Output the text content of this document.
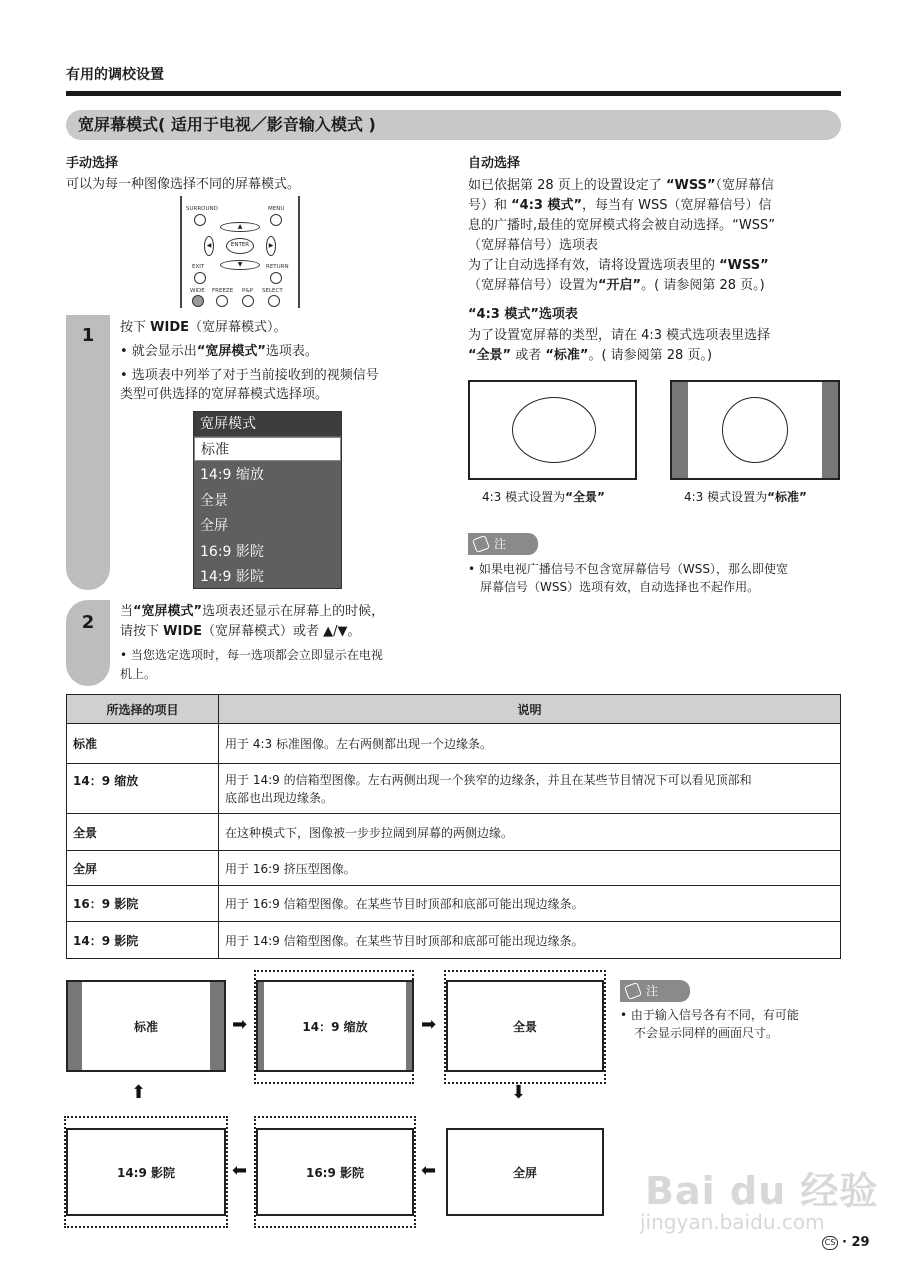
有用的调校设置
宽屏幕模式( 适用于电视／影音输入模式 )
手动选择
可以为每一种图像选择不同的屏幕模式。
SURROUND	MENU
▲
◀	ENTER	▶
▼
EXIT	RETURN
WIDE FREEZE P&P SELECT
1	按下 WIDE（宽屏幕模式）。
• 就会显示出“宽屏模式”选项表。
• 选项表中列举了对于当前接收到的视频信号
类型可供选择的宽屏幕模式选择项。
宽屏模式
标准
14:9 缩放
全景
全屏
16:9 影院
14:9 影院
2
当“宽屏模式”选项表还显示在屏幕上的时候，
请按下 WIDE（宽屏幕模式）或者 ▲/▼。
• 当您选定选项时，每一选项都会立即显示在电视
机上。
自动选择
如已依据第 28 页上的设置设定了 “WSS”（宽屏幕信
号）和 “4:3 模式”，每当有 WSS（宽屏幕信号）信
息的广播时,最佳的宽屏模式将会被自动选择。“WSS”
（宽屏幕信号）选项表
为了让自动选择有效，请将设置选项表里的 “WSS”
（宽屏幕信号）设置为“开启”。( 请参阅第 28 页。)
“4:3 模式”选项表
为了设置宽屏幕的类型，请在 4:3 模式选项表里选择
“全景” 或者 “标准”。( 请参阅第 28 页。)
4:3 模式设置为“全景”	4:3 模式设置为“标准”
注
• 如果电视广播信号不包含宽屏幕信号（WSS），那么即使宽
屏幕信号（WSS）选项有效，自动选择也不起作用。
所选择的项目	说明
标准	用于 4:3 标准图像。左右两侧都出现一个边缘条。
14：9 缩放	用于 14:9 的信箱型图像。左右两侧出现一个狭窄的边缘条，并且在某些节目情况下可以看见顶部和
底部也出现边缘条。
全景	在这种模式下，图像被一步步拉阔到屏幕的两侧边缘。
全屏	用于 16:9 挤压型图像。
16：9 影院	用于 16:9 信箱型图像。在某些节目时顶部和底部可能出现边缘条。
14：9 影院	用于 14:9 信箱型图像。在某些节目时顶部和底部可能出现边缘条。
标准	➡	14：9 缩放	➡	全景
⬇
⬆
14:9 影院	⬅	16:9 影院	⬅	全屏
注
• 由于输入信号各有不同，有可能
不会显示同样的画面尺寸。
Bai du 经验
jingyan.baidu.com
CS · 29
